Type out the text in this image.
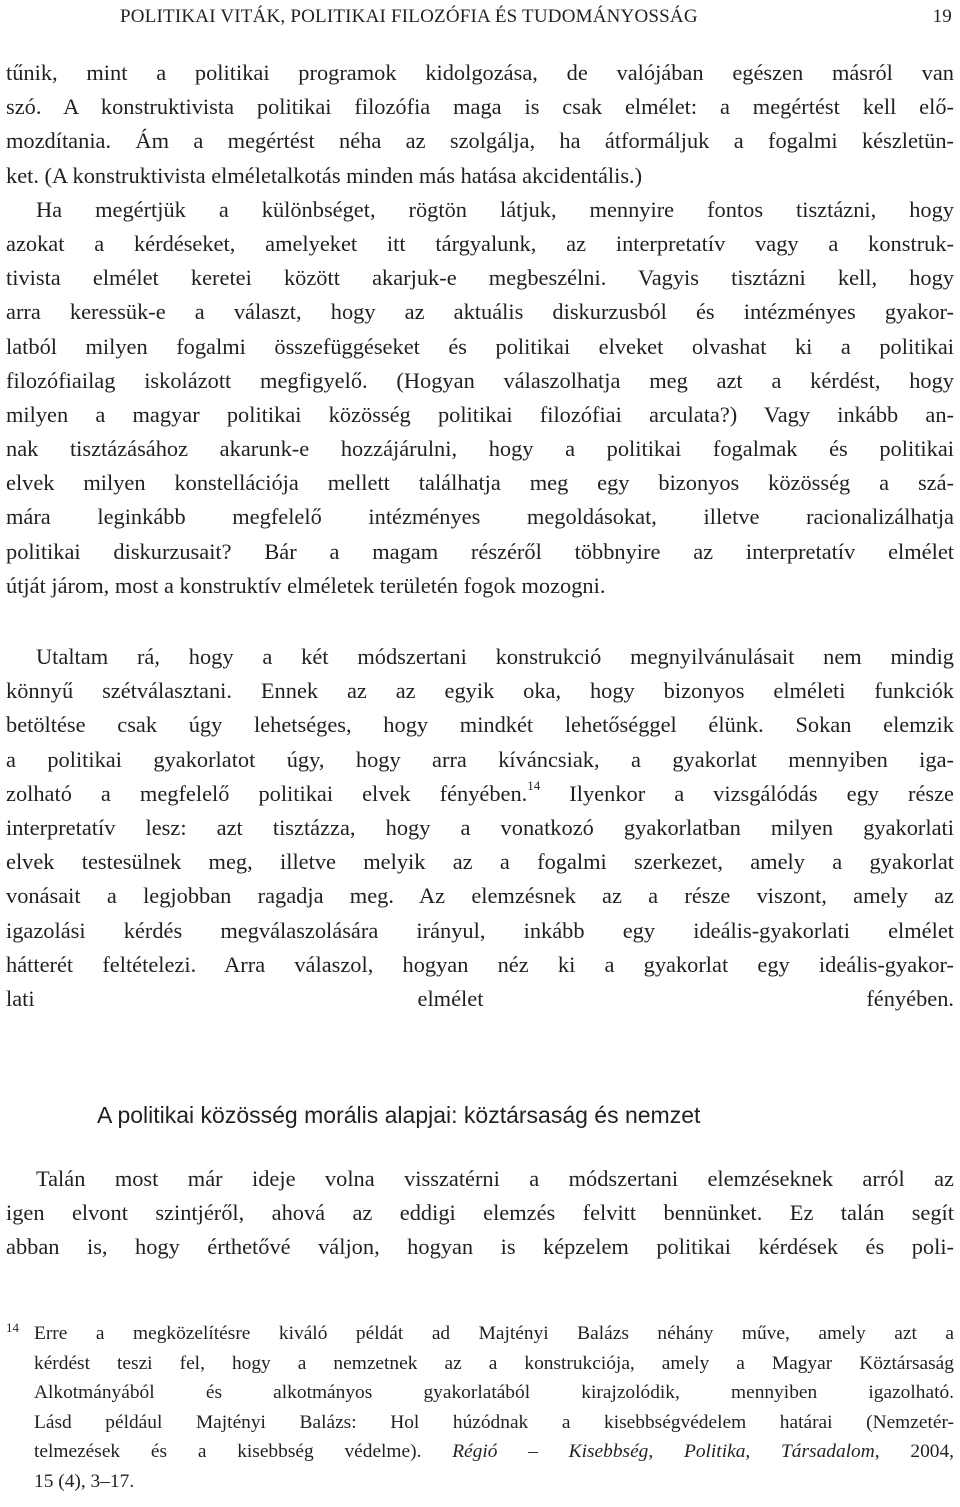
POLITIKAI VITÁK, POLITIKAI FILOZÓFIA ÉS TUDOMÁNYOSSÁG	19
tűnik, mint a politikai programok kidolgozása, de valójában egészen másról van
szó. A konstruktivista politikai filozófia maga is csak elmélet: a megértést kell elő-
mozdítania. Ám a megértést néha az szolgálja, ha átformáljuk a fogalmi készletün-
ket. (A konstruktivista elméletalkotás minden más hatása akcidentális.)
Ha megértjük a különbséget, rögtön látjuk, mennyire fontos tisztázni, hogy
azokat a kérdéseket, amelyeket itt tárgyalunk, az interpretatív vagy a konstruk-
tivista elmélet keretei között akarjuk-e megbeszélni. Vagyis tisztázni kell, hogy
arra keressük-e a választ, hogy az aktuális diskurzusból és intézményes gyakor-
latból milyen fogalmi összefüggéseket és politikai elveket olvashat ki a politikai
filozófiailag iskolázott megfigyelő. (Hogyan válaszolhatja meg azt a kérdést, hogy
milyen a magyar politikai közösség politikai filozófiai arculata?) Vagy inkább an-
nak tisztázásához akarunk-e hozzájárulni, hogy a politikai fogalmak és politikai
elvek milyen konstellációja mellett találhatja meg egy bizonyos közösség a szá-
mára leginkább megfelelő intézményes megoldásokat, illetve racionalizálhatja
politikai diskurzusait? Bár a magam részéről többnyire az interpretatív elmélet
útját járom, most a konstruktív elméletek területén fogok mozogni.
Utaltam rá, hogy a két módszertani konstrukció megnyilvánulásait nem mindig
könnyű szétválasztani. Ennek az az egyik oka, hogy bizonyos elméleti funkciók
betöltése csak úgy lehetséges, hogy mindkét lehetőséggel élünk. Sokan elemzik
a politikai gyakorlatot úgy, hogy arra kíváncsiak, a gyakorlat mennyiben iga-
zolható a megfelelő politikai elvek fényében.$^{14}$ Ilyenkor a vizsgálódás egy része
interpretatív lesz: azt tisztázza, hogy a vonatkozó gyakorlatban milyen gyakorlati
elvek testesülnek meg, illetve melyik az a fogalmi szerkezet, amely a gyakorlat
vonásait a legjobban ragadja meg. Az elemzésnek az a része viszont, amely az
igazolási kérdés megválaszolására irányul, inkább egy ideális-gyakorlati elmélet
hátterét feltételezi. Arra válaszol, hogyan néz ki a gyakorlat egy ideális-gyakor-
lati elmélet fényében.
A politikai közösség morális alapjai: köztársaság és nemzet
Talán most már ideje volna visszatérni a módszertani elemzéseknek arról az
igen elvont szintjéről, ahová az eddigi elemzés felvitt bennünket. Ez talán segít
abban is, hogy érthetővé váljon, hogyan is képzelem politikai kérdések és poli-
14 Erre a megközelítésre kiváló példát ad Majtényi Balázs néhány műve, amely azt a
kérdést teszi fel, hogy a nemzetnek az a konstrukciója, amely a Magyar Köztársaság
Alkotmányából és alkotmányos gyakorlatából kirajzolódik, mennyiben igazolható.
Lásd például Majtényi Balázs: Hol húzódnak a kisebbségvédelem határai (Nemzetér-
telmezések és a kisebbség védelme). Régió – Kisebbség, Politika, Társadalom, 2004,
15 (4), 3–17.
